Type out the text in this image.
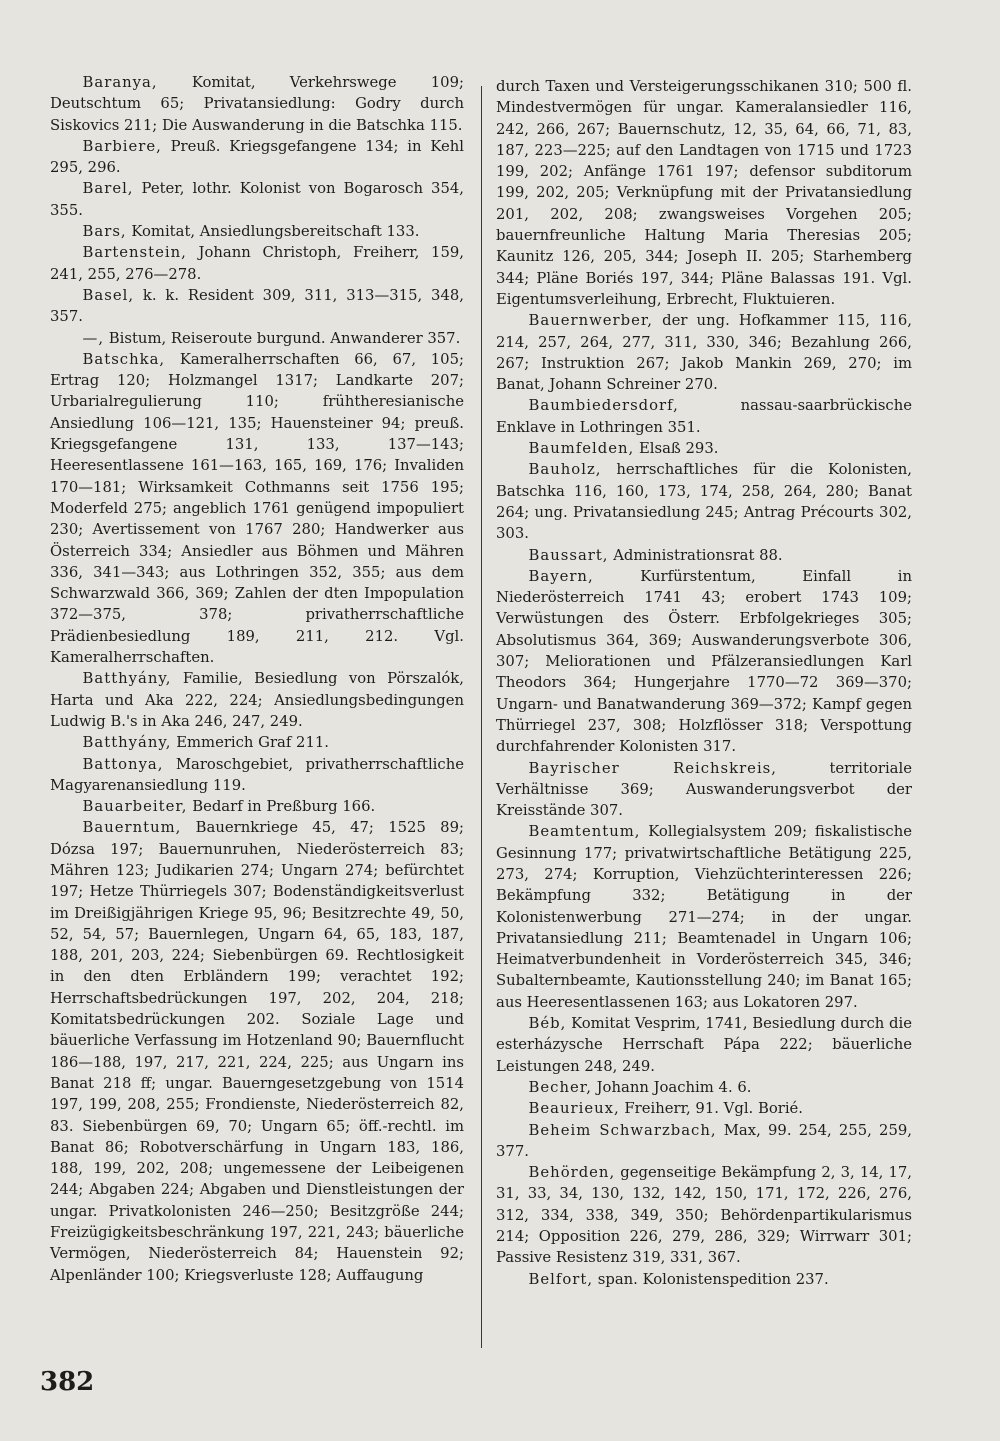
Baranya, Komitat, Verkehrswege 109; Deutschtum 65; Privatansiedlung: Godry durch Siskovics 211; Die Auswanderung in die Batschka 115.

Barbiere, Preuß. Kriegsgefangene 134; in Kehl 295, 296.

Barel, Peter, lothr. Kolonist von Bogarosch 354, 355.

Bars, Komitat, Ansiedlungsbereitschaft 133.

Bartenstein, Johann Christoph, Freiherr, 159, 241, 255, 276—278.

Basel, k. k. Resident 309, 311, 313—315, 348, 357.

—, Bistum, Reiseroute burgund. Anwanderer 357.

Batschka, Kameralherrschaften 66, 67, 105; Ertrag 120; Holzmangel 1317; Landkarte 207; Urbarialregulierung 110; frühtheresianische Ansiedlung 106—121, 135; Hauensteiner 94; preuß. Kriegsgefangene 131, 133, 137—143; Heeresentlassene 161—163, 165, 169, 176; Invaliden 170—181; Wirksamkeit Cothmanns seit 1756 195; Moderfeld 275; angeblich 1761 genügend impopuliert 230; Avertissement von 1767 280; Handwerker aus Österreich 334; Ansiedler aus Böhmen und Mähren 336, 341—343; aus Lothringen 352, 355; aus dem Schwarzwald 366, 369; Zahlen der dten Impopulation 372—375, 378; privatherrschaftliche Prädienbesiedlung 189, 211, 212. Vgl. Kameralherrschaften.

Batthyány, Familie, Besiedlung von Pörszalók, Harta und Aka 222, 224; Ansiedlungsbedingungen Ludwig B.'s in Aka 246, 247, 249.

Batthyány, Emmerich Graf 211.

Battonya, Maroschgebiet, privatherrschaftliche Magyarenansiedlung 119.

Bauarbeiter, Bedarf in Preßburg 166.

Bauerntum, Bauernkriege 45, 47; 1525 89; Dózsa 197; Bauernunruhen, Niederösterreich 83; Mähren 123; Judikarien 274; Ungarn 274; befürchtet 197; Hetze Thürriegels 307; Bodenständigkeitsverlust im Dreißigjährigen Kriege 95, 96; Besitzrechte 49, 50, 52, 54, 57; Bauernlegen, Ungarn 64, 65, 183, 187, 188, 201, 203, 224; Siebenbürgen 69. Rechtlosigkeit in den dten Erbländern 199; verachtet 192; Herrschaftsbedrückungen 197, 202, 204, 218; Komitatsbedrückungen 202. Soziale Lage und bäuerliche Verfassung im Hotzenland 90; Bauernflucht 186—188, 197, 217, 221, 224, 225; aus Ungarn ins Banat 218 ff; ungar. Bauerngesetzgebung von 1514 197, 199, 208, 255; Frondienste, Niederösterreich 82, 83. Siebenbürgen 69, 70; Ungarn 65; öff.-rechtl. im Banat 86; Robotverschärfung in Ungarn 183, 186, 188, 199, 202, 208; ungemessene der Leibeigenen 244; Abgaben 224; Abgaben und Dienstleistungen der ungar. Privatkolonisten 246—250; Besitzgröße 244; Freizügigkeitsbeschränkung 197, 221, 243; bäuerliche Vermögen, Niederösterreich 84; Hauenstein 92; Alpenländer 100; Kriegsverluste 128; Auffaugung

durch Taxen und Versteigerungsschikanen 310; 500 fl. Mindestvermögen für ungar. Kameralansiedler 116, 242, 266, 267; Bauernschutz, 12, 35, 64, 66, 71, 83, 187, 223—225; auf den Landtagen von 1715 und 1723 199, 202; Anfänge 1761 197; defensor subditorum 199, 202, 205; Verknüpfung mit der Privatansiedlung 201, 202, 208; zwangsweises Vorgehen 205; bauernfreunliche Haltung Maria Theresias 205; Kaunitz 126, 205, 344; Joseph II. 205; Starhemberg 344; Pläne Boriés 197, 344; Pläne Balassas 191. Vgl. Eigentumsverleihung, Erbrecht, Fluktuieren.

Bauernwerber, der ung. Hofkammer 115, 116, 214, 257, 264, 277, 311, 330, 346; Bezahlung 266, 267; Instruktion 267; Jakob Mankin 269, 270; im Banat, Johann Schreiner 270.

Baumbiedersdorf,	nassau-saarbrückische Enklave in Lothringen 351.

Baumfelden, Elsaß 293.

Bauholz, herrschaftliches für die Kolonisten, Batschka 116, 160, 173, 174, 258, 264, 280; Banat 264; ung. Privatansiedlung 245; Antrag Précourts 302, 303.

Baussart, Administrationsrat 88.

Bayern,	Kurfürstentum, Einfall in Niederösterreich 1741 43; erobert 1743 109; Verwüstungen des Österr. Erbfolgekrieges 305; Absolutismus 364, 369; Auswanderungsverbote 306, 307; Meliorationen und Pfälzeransiedlungen Karl Theodors 364; Hungerjahre 1770—72 369—370; Ungarn- und Banatwanderung 369—372; Kampf gegen Thürriegel 237, 308; Holzflösser 318; Verspottung durchfahrender Kolonisten 317.

Bayrischer Reichskreis,	territoriale Verhältnisse 369; Auswanderungsverbot der Kreisstände 307.

Beamtentum, Kollegialsystem 209; fiskalistische Gesinnung 177; privatwirtschaftliche Betätigung 225, 273, 274; Korruption, Viehzüchterinteressen 226; Bekämpfung 332; Betätigung in der Kolonistenwerbung 271—274; in der ungar. Privatansiedlung 211; Beamtenadel in Ungarn 106; Heimatverbundenheit in Vorderösterreich 345, 346; Subalternbeamte, Kautionsstellung 240; im Banat 165; aus Heeresentlassenen 163; aus Lokatoren 297.

Béb, Komitat Vesprim, 1741, Besiedlung durch die esterházysche Herrschaft Pápa 222; bäuerliche Leistungen 248, 249.

Becher, Johann Joachim 4. 6.

Beaurieux, Freiherr, 91. Vgl. Borié.

Beheim Schwarzbach, Max, 99. 254, 255, 259, 377.

Behörden, gegenseitige Bekämpfung 2, 3, 14, 17, 31, 33, 34, 130, 132, 142, 150, 171, 172, 226, 276, 312, 334, 338, 349, 350; Behördenpartikularismus 214; Opposition 226, 279, 286, 329; Wirrwarr 301; Passive Resistenz 319, 331, 367.

Belfort, span. Kolonistenspedition 237.

382
